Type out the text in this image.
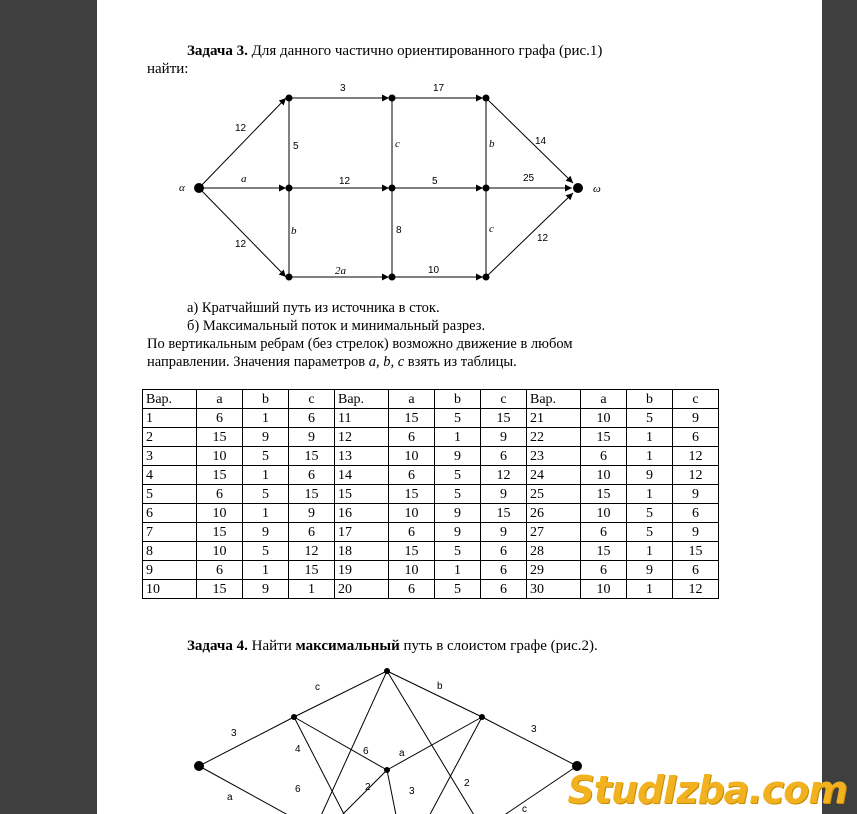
Задача 3. Для данного частично ориентированного графа (рис.1)
найти:
α	ω
12
a
12
3	17
5	c	b
12	5	25
b	8	c
2a	10
14
12
а) Кратчайший путь из источника в сток.
б) Максимальный поток и минимальный разрез.
По вертикальным ребрам (без стрелок) возможно движение в любом
направлении. Значения параметров a, b, c взять из таблицы.
Вар.	a	b	c	Вар.	a	b	c	Вар.	a	b	c
1	6	1	6	11	15	5	15	21	10	5	9
2	15	9	9	12	6	1	9	22	15	1	6
3	10	5	15	13	10	9	6	23	6	1	12
4	15	1	6	14	6	5	12	24	10	9	12
5	6	5	15	15	15	5	9	25	15	1	9
6	10	1	9	16	10	9	15	26	10	5	6
7	15	9	6	17	6	9	9	27	6	5	9
8	10	5	12	18	15	5	6	28	15	1	15
9	6	1	15	19	10	1	6	29	6	9	6
10	15	9	1	20	6	5	6	30	10	1	12
Задача 4. Найти максимальный путь в слоистом графе (рис.2).
c	b
3
4	6	a
3
2
6
2
3
a
c StudIzba.com
